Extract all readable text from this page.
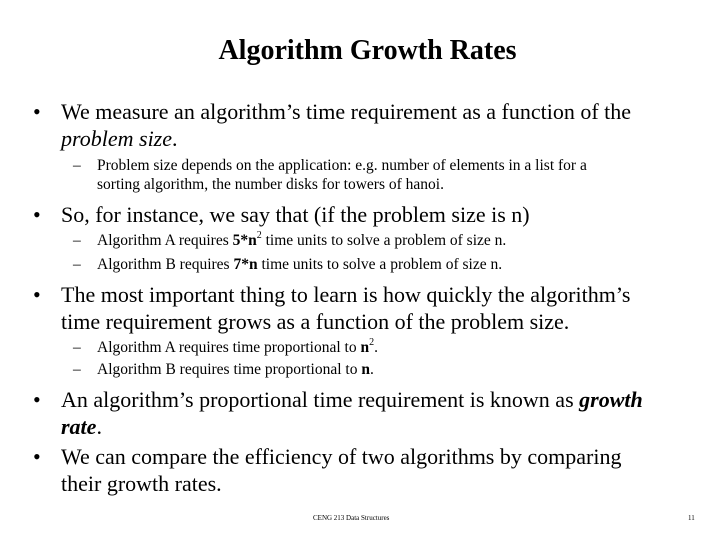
Algorithm Growth Rates
• We measure an algorithm’s time requirement as a function of the
problem size.
– Problem size depends on the application: e.g. number of elements in a list for a
sorting algorithm, the number disks for towers of hanoi.
• So, for instance, we say that (if the problem size is n)
– Algorithm A requires $5*n^2$ time units to solve a problem of size n.
– Algorithm B requires 7*n time units to solve a problem of size n.
• The most important thing to learn is how quickly the algorithm’s
time requirement grows as a function of the problem size.
– Algorithm A requires time proportional to $n^2$.
– Algorithm B requires time proportional to n.
• An algorithm’s proportional time requirement is known as growth
rate.
• We can compare the efficiency of two algorithms by comparing
their growth rates.
CENG 213 Data Structures	11
